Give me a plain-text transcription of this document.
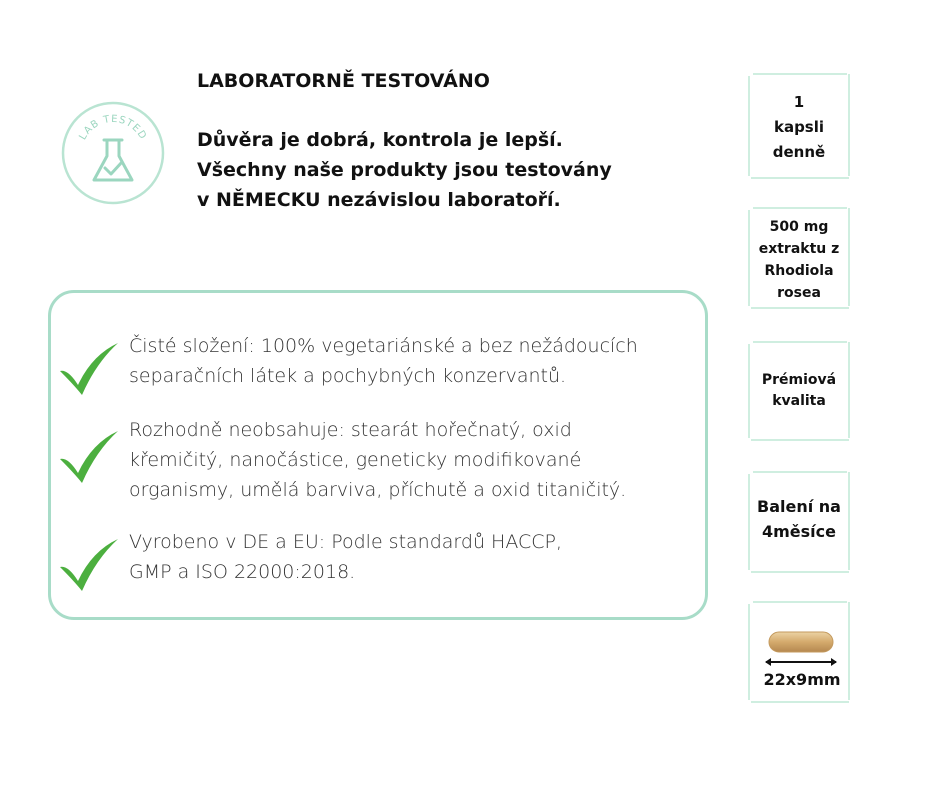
LAB TESTED
LABORATORNĚ TESTOVÁNO
Důvěra je dobrá, kontrola je lepší.
Všechny naše produkty jsou testovány
v NĚMECKU nezávislou laboratoří.
Čisté složení: 100% vegetariánské a bez nežádoucích
separačních látek a pochybných konzervantů.
Rozhodně neobsahuje: stearát hořečnatý, oxid
křemičitý, nanočástice, geneticky modifikované
organismy, umělá barviva, příchutě a oxid titaničitý.
Vyrobeno v DE a EU: Podle standardů HACCP,
GMP a ISO 22000:2018.
1
kapsli
denně
500 mg
extraktu z
Rhodiola
rosea
Prémiová
kvalita
Balení na
4měsíce
22x9mm
